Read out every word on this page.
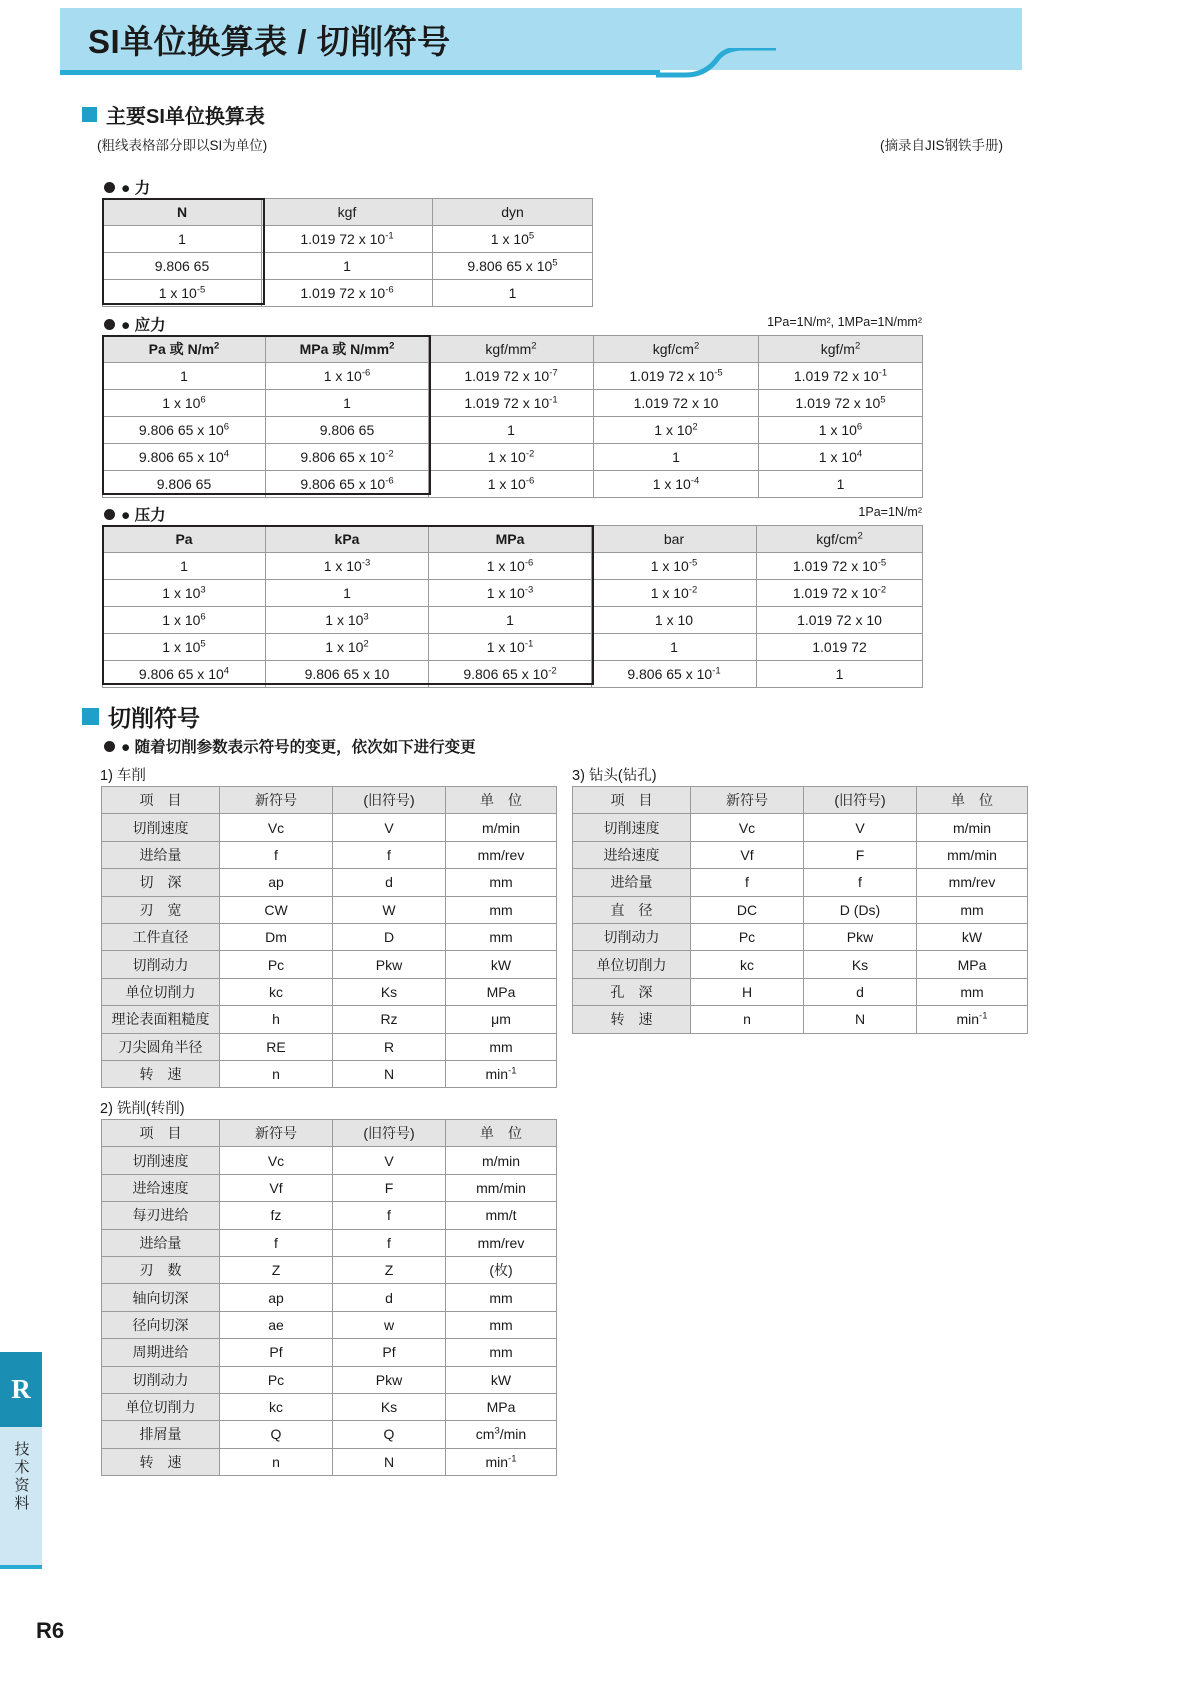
SI单位换算表 / 切削符号
主要SI单位换算表
(粗线表格部分即以SI为单位)	(摘录自JIS钢铁手册)
● 力
N	kgf	dyn
1	1.019 72 x $10^{-1}$	1 x $10^5$
9.806 65	1	9.806 65 x $10^5$
1 x $10^{-5}$	1.019 72 x $10^{-6}$	1
● 应力	1Pa=1N/m², 1MPa=1N/mm²
Pa 或 $N/m^2$	MPa 或 $N/mm^2$	kgf/$mm^2$	kgf/$cm^2$	kgf/$m^2$
1	1 x $10^{-6}$	1.019 72 x $10^{-7}$	1.019 72 x $10^{-5}$	1.019 72 x $10^{-1}$
1 x $10^6$	1	1.019 72 x $10^{-1}$	1.019 72 x 10	1.019 72 x $10^5$
9.806 65 x $10^6$	9.806 65	1	1 x $10^2$	1 x $10^6$
9.806 65 x $10^4$	9.806 65 x $10^{-2}$	1 x $10^{-2}$	1	1 x $10^4$
9.806 65	9.806 65 x $10^{-6}$	1 x $10^{-6}$	1 x $10^{-4}$	1
● 压力	1Pa=1N/m²
Pa	kPa	MPa	bar	kgf/$cm^2$
1	1 x $10^{-3}$	1 x $10^{-6}$	1 x $10^{-5}$	1.019 72 x $10^{-5}$
1 x $10^3$	1	1 x $10^{-3}$	1 x $10^{-2}$	1.019 72 x $10^{-2}$
1 x $10^6$	1 x $10^3$	1	1 x 10	1.019 72 x 10
1 x $10^5$	1 x $10^2$	1 x $10^{-1}$	1	1.019 72
9.806 65 x $10^4$	9.806 65 x 10	9.806 65 x $10^{-2}$	9.806 65 x $10^{-1}$	1
切削符号
● 随着切削参数表示符号的变更，依次如下进行变更
1) 车削
项　目	新符号	(旧符号)	单　位
切削速度	Vc	V	m/min
进给量	f	f	mm/rev
切　深	ap	d	mm
刃　宽	CW	W	mm
工件直径	Dm	D	mm
切削动力	Pc	Pkw	kW
单位切削力	kc	Ks	MPa
理论表面粗糙度	h	Rz	μm
刀尖圆角半径	RE	R	mm
转　速	n	N	$\min^{-1}$
3) 钻头(钻孔)
项　目	新符号	(旧符号)	单　位
切削速度	Vc	V	m/min
进给速度	Vf	F	mm/min
进给量	f	f	mm/rev
直　径	DC	D (Ds)	mm
切削动力	Pc	Pkw	kW
单位切削力	kc	Ks	MPa
孔　深	H	d	mm
转　速	n	N	$\min^{-1}$
2) 铣削(转削)
项　目	新符号	(旧符号)	单　位
切削速度	Vc	V	m/min
进给速度	Vf	F	mm/min
每刃进给	fz	f	mm/t
进给量	f	f	mm/rev
刃　数	Z	Z	(枚)
轴向切深	ap	d	mm
径向切深	ae	w	mm
周期进给	Pf	Pf	mm
切削动力	Pc	Pkw	kW
单位切削力	kc	Ks	MPa
排屑量	Q	Q	$cm^3/\min$
转　速	n	N	$\min^{-1}$
R
技术资料
R6
